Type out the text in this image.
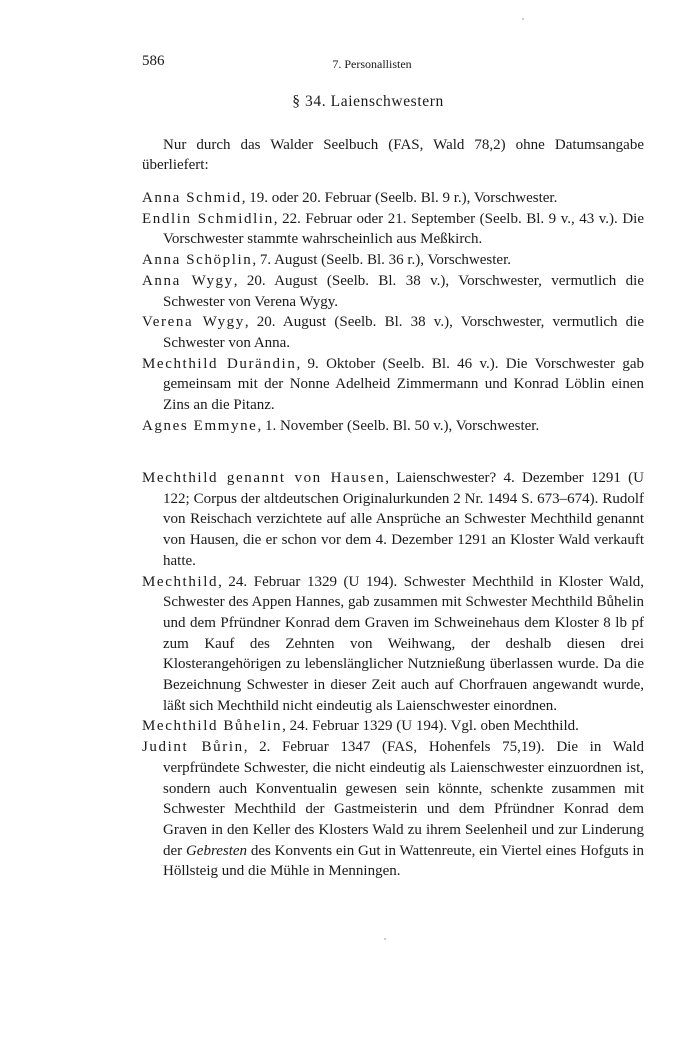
586	7. Personallisten
§ 34. Laienschwestern

Nur durch das Walder Seelbuch (FAS, Wald 78,2) ohne Datumsangabe überliefert:

Anna Schmid, 19. oder 20. Februar (Seelb. Bl. 9 r.), Vorschwester.
Endlin Schmidlin, 22. Februar oder 21. September (Seelb. Bl. 9 v., 43 v.). Die Vorschwester stammte wahrscheinlich aus Meßkirch.
Anna Schöplin, 7. August (Seelb. Bl. 36 r.), Vorschwester.
Anna Wygy, 20. August (Seelb. Bl. 38 v.), Vorschwester, vermutlich die Schwester von Verena Wygy.
Verena Wygy, 20. August (Seelb. Bl. 38 v.), Vorschwester, vermutlich die Schwester von Anna.
Mechthild Durändin, 9. Oktober (Seelb. Bl. 46 v.). Die Vorschwester gab gemeinsam mit der Nonne Adelheid Zimmermann und Konrad Löblin einen Zins an die Pitanz.
Agnes Emmyne, 1. November (Seelb. Bl. 50 v.), Vorschwester.
Mechthild genannt von Hausen, Laienschwester? 4. Dezember 1291 (U 122; Corpus der altdeutschen Originalurkunden 2 Nr. 1494 S. 673–674). Rudolf von Reischach verzichtete auf alle Ansprüche an Schwester Mechthild genannt von Hausen, die er schon vor dem 4. Dezember 1291 an Kloster Wald verkauft hatte.
Mechthild, 24. Februar 1329 (U 194). Schwester Mechthild in Kloster Wald, Schwester des Appen Hannes, gab zusammen mit Schwester Mechthild Bůhelin und dem Pfründner Konrad dem Graven im Schweinehaus dem Kloster 8 lb pf zum Kauf des Zehnten von Weihwang, der deshalb diesen drei Klosterangehörigen zu lebenslänglicher Nutznießung überlassen wurde. Da die Bezeichnung Schwester in dieser Zeit auch auf Chorfrauen angewandt wurde, läßt sich Mechthild nicht eindeutig als Laienschwester einordnen.
Mechthild Bůhelin, 24. Februar 1329 (U 194). Vgl. oben Mechthild.
Judint Bůrin, 2. Februar 1347 (FAS, Hohenfels 75,19). Die in Wald verpfründete Schwester, die nicht eindeutig als Laienschwester einzuordnen ist, sondern auch Konventualin gewesen sein könnte, schenkte zusammen mit Schwester Mechthild der Gastmeisterin und dem Pfründner Konrad dem Graven in den Keller des Klosters Wald zu ihrem Seelenheil und zur Linderung der Gebresten des Konvents ein Gut in Wattenreute, ein Viertel eines Hofguts in Höllsteig und die Mühle in Menningen.
